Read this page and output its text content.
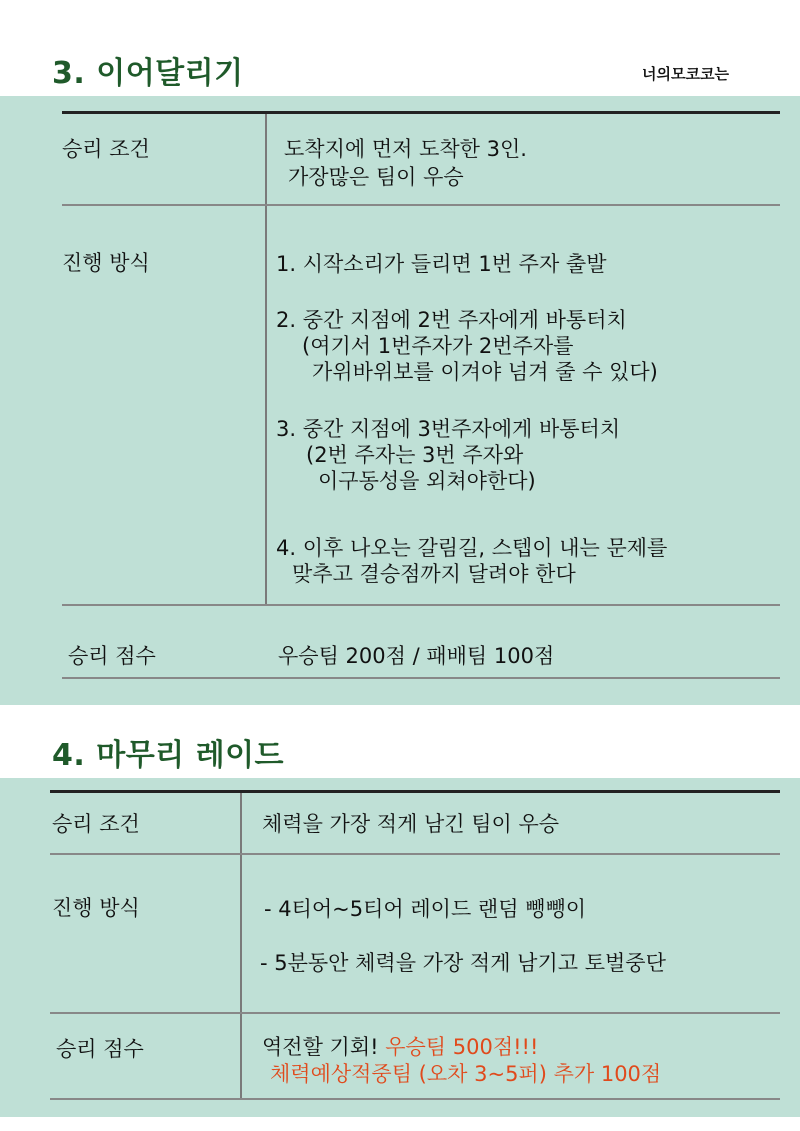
3. 이어달리기	너의모코코는
승리 조건	도착지에 먼저 도착한 3인.
가장많은 팀이 우승
진행 방식	1. 시작소리가 들리면 1번 주자 출발
2. 중간 지점에 2번 주자에게 바통터치
(여기서 1번주자가 2번주자를
가위바위보를 이겨야 넘겨 줄 수 있다)
3. 중간 지점에 3번주자에게 바통터치
(2번 주자는 3번 주자와
이구동성을 외쳐야한다)
4. 이후 나오는 갈림길, 스텝이 내는 문제를
맞추고 결승점까지 달려야 한다
승리 점수	우승팀 200점 / 패배팀 100점
4. 마무리 레이드
승리 조건	체력을 가장 적게 남긴 팀이 우승
진행 방식	- 4티어~5티어 레이드 랜덤 뺑뺑이
- 5분동안 체력을 가장 적게 남기고 토벌중단
승리 점수	역전할 기회! 우승팀 500점!!!
체력예상적중팀 (오차 3~5퍼) 추가 100점
